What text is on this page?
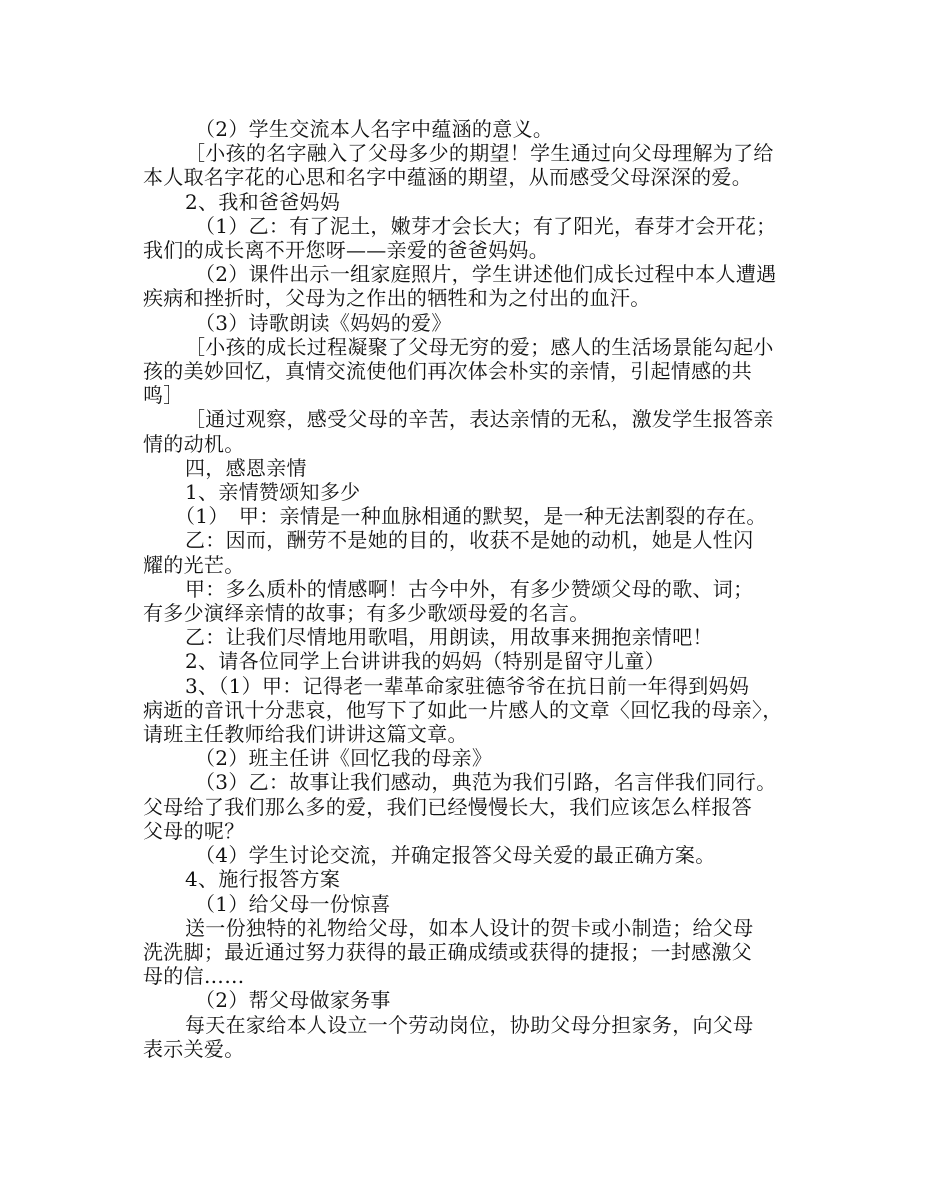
（2）学生交流本人名字中蕴涵的意义。
［小孩的名字融入了父母多少的期望！学生通过向父母理解为了给
本人取名字花的心思和名字中蕴涵的期望，从而感受父母深深的爱。
2、我和爸爸妈妈
（1）乙：有了泥土，嫩芽才会长大；有了阳光，春芽才会开花；
我们的成长离不开您呀——亲爱的爸爸妈妈。
（2）课件出示一组家庭照片，学生讲述他们成长过程中本人遭遇
疾病和挫折时，父母为之作出的牺牲和为之付出的血汗。
（3）诗歌朗读《妈妈的爱》
［小孩的成长过程凝聚了父母无穷的爱；感人的生活场景能勾起小
孩的美妙回忆，真情交流使他们再次体会朴实的亲情，引起情感的共
鸣］
［通过观察，感受父母的辛苦，表达亲情的无私，激发学生报答亲
情的动机。
四，感恩亲情
1、亲情赞颂知多少
（1）　甲：亲情是一种血脉相通的默契，是一种无法割裂的存在。
乙：因而，酬劳不是她的目的，收获不是她的动机，她是人性闪
耀的光芒。
甲：多么质朴的情感啊！古今中外，有多少赞颂父母的歌、词；
有多少演绎亲情的故事；有多少歌颂母爱的名言。
乙：让我们尽情地用歌唱，用朗读，用故事来拥抱亲情吧！
2、请各位同学上台讲讲我的妈妈（特别是留守儿童）
3、（1）甲：记得老一辈革命家驻德爷爷在抗日前一年得到妈妈
病逝的音讯十分悲哀，他写下了如此一片感人的文章〈回忆我的母亲〉，
请班主任教师给我们讲讲这篇文章。
（2）班主任讲《回忆我的母亲》
（3）乙：故事让我们感动，典范为我们引路，名言伴我们同行。
父母给了我们那么多的爱，我们已经慢慢长大，我们应该怎么样报答
父母的呢？
（4）学生讨论交流，并确定报答父母关爱的最正确方案。
4、施行报答方案
（1）给父母一份惊喜
送一份独特的礼物给父母，如本人设计的贺卡或小制造；给父母
洗洗脚；最近通过努力获得的最正确成绩或获得的捷报；一封感激父
母的信……
（2）帮父母做家务事
每天在家给本人设立一个劳动岗位，协助父母分担家务，向父母
表示关爱。
